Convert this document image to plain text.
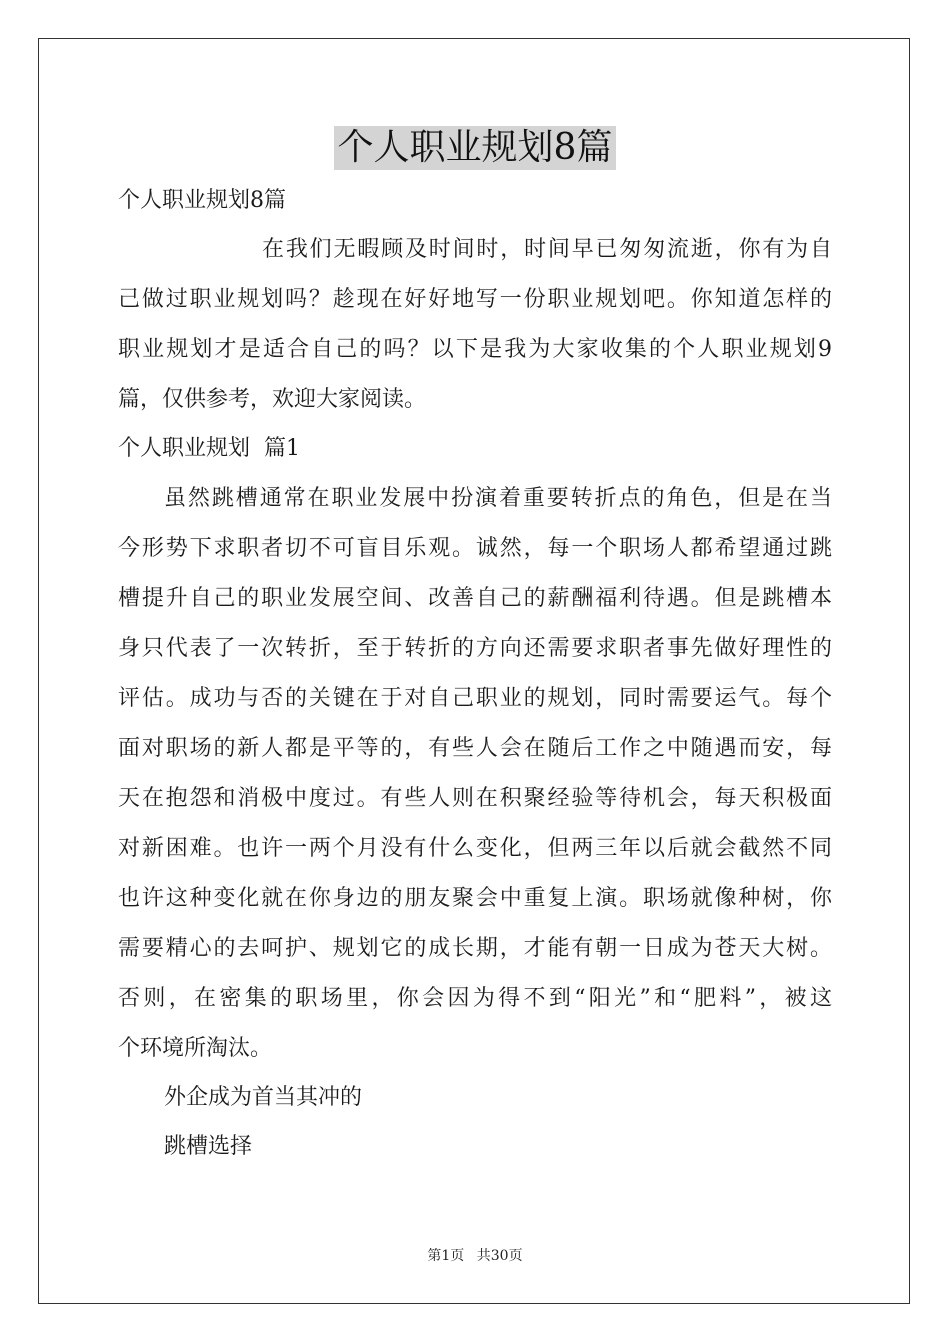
个人职业规划8篇
个人职业规划8篇
在我们无暇顾及时间时，时间早已匆匆流逝，你有为自
己做过职业规划吗？趁现在好好地写一份职业规划吧。你知道怎样的
职业规划才是适合自己的吗？以下是我为大家收集的个人职业规划9
篇，仅供参考，欢迎大家阅读。
个人职业规划  篇1
虽然跳槽通常在职业发展中扮演着重要转折点的角色，但是在当
今形势下求职者切不可盲目乐观。诚然，每一个职场人都希望通过跳
槽提升自己的职业发展空间、改善自己的薪酬福利待遇。但是跳槽本
身只代表了一次转折，至于转折的方向还需要求职者事先做好理性的
评估。成功与否的关键在于对自己职业的规划，同时需要运气。每个
面对职场的新人都是平等的，有些人会在随后工作之中随遇而安，每
天在抱怨和消极中度过。有些人则在积聚经验等待机会，每天积极面
对新困难。也许一两个月没有什么变化，但两三年以后就会截然不同
也许这种变化就在你身边的朋友聚会中重复上演。职场就像种树，你
需要精心的去呵护、规划它的成长期，才能有朝一日成为苍天大树。
否则，在密集的职场里，你会因为得不到“阳光”和“肥料”，被这
个环境所淘汰。
外企成为首当其冲的
跳槽选择
第1页 共30页
